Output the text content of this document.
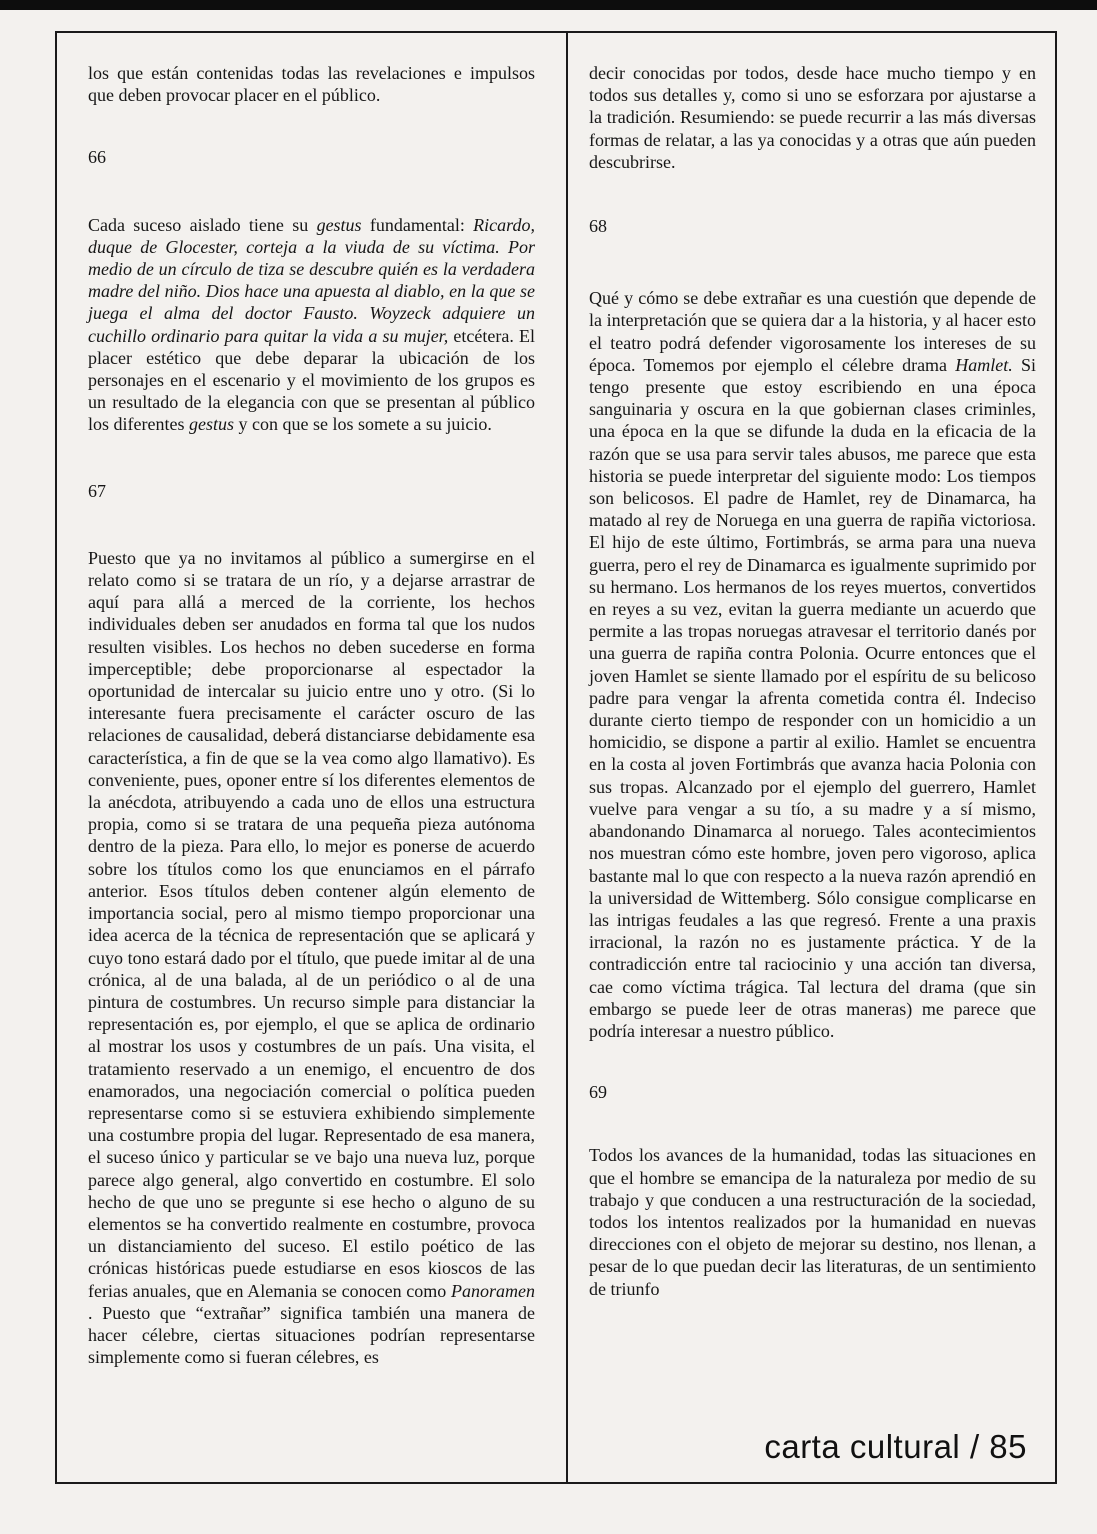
los que están contenidas todas las revelaciones e impulsos que deben provocar placer en el público.

66

Cada suceso aislado tiene su gestus fundamental: Ricardo, duque de Glocester, corteja a la viuda de su víctima. Por medio de un círculo de tiza se descubre quién es la verdadera madre del niño. Dios hace una apuesta al diablo, en la que se juega el alma del doctor Fausto. Woyzeck adquiere un cuchillo ordinario para quitar la vida a su mujer, etcétera. El placer estético que debe deparar la ubicación de los personajes en el escenario y el movimiento de los grupos es un resultado de la elegancia con que se presentan al público los diferentes gestus y con que se los somete a su juicio.

67

Puesto que ya no invitamos al público a sumergirse en el relato como si se tratara de un río, y a dejarse arrastrar de aquí para allá a merced de la corriente, los hechos individuales deben ser anudados en forma tal que los nudos resulten visibles. Los hechos no deben sucederse en forma imperceptible; debe proporcionarse al espectador la oportunidad de intercalar su juicio entre uno y otro. (Si lo interesante fuera precisamente el carácter oscuro de las relaciones de causalidad, deberá distanciarse debidamente esa característica, a fin de que se la vea como algo llamativo). Es conveniente, pues, oponer entre sí los diferentes elementos de la anécdota, atribuyendo a cada uno de ellos una estructura propia, como si se tratara de una pequeña pieza autónoma dentro de la pieza. Para ello, lo mejor es ponerse de acuerdo sobre los títulos como los que enunciamos en el párrafo anterior. Esos títulos deben contener algún elemento de importancia social, pero al mismo tiempo proporcionar una idea acerca de la técnica de representación que se aplicará y cuyo tono estará dado por el título, que puede imitar al de una crónica, al de una balada, al de un periódico o al de una pintura de costumbres. Un recurso simple para distanciar la representación es, por ejemplo, el que se aplica de ordinario al mostrar los usos y costumbres de un país. Una visita, el tratamiento reservado a un enemigo, el encuentro de dos enamorados, una negociación comercial o política pueden representarse como si se estuviera exhibiendo simplemente una costumbre propia del lugar. Representado de esa manera, el suceso único y particular se ve bajo una nueva luz, porque parece algo general, algo convertido en costumbre. El solo hecho de que uno se pregunte si ese hecho o alguno de su elementos se ha convertido realmente en costumbre, provoca un distanciamiento del suceso. El estilo poético de las crónicas históricas puede estudiarse en esos kioscos de las ferias anuales, que en Alemania se conocen como Panoramen . Puesto que “extrañar” significa también una manera de hacer célebre, ciertas situaciones podrían representarse simplemente como si fueran célebres, es

decir conocidas por todos, desde hace mucho tiempo y en todos sus detalles y, como si uno se esforzara por ajustarse a la tradición. Resumiendo: se puede recurrir a las más diversas formas de relatar, a las ya conocidas y a otras que aún pueden descubrirse.

68

Qué y cómo se debe extrañar es una cuestión que depende de la interpretación que se quiera dar a la historia, y al hacer esto el teatro podrá defender vigorosamente los intereses de su época. Tomemos por ejemplo el célebre drama Hamlet. Si tengo presente que estoy escribiendo en una época sanguinaria y oscura en la que gobiernan clases criminles, una época en la que se difunde la duda en la eficacia de la razón que se usa para servir tales abusos, me parece que esta historia se puede interpretar del siguiente modo: Los tiempos son belicosos. El padre de Hamlet, rey de Dinamarca, ha matado al rey de Noruega en una guerra de rapiña victoriosa. El hijo de este último, Fortimbrás, se arma para una nueva guerra, pero el rey de Dinamarca es igualmente suprimido por su hermano. Los hermanos de los reyes muertos, convertidos en reyes a su vez, evitan la guerra mediante un acuerdo que permite a las tropas noruegas atravesar el territorio danés por una guerra de rapiña contra Polonia. Ocurre entonces que el joven Hamlet se siente llamado por el espíritu de su belicoso padre para vengar la afrenta cometida contra él. Indeciso durante cierto tiempo de responder con un homicidio a un homicidio, se dispone a partir al exilio. Hamlet se encuentra en la costa al joven Fortimbrás que avanza hacia Polonia con sus tropas. Alcanzado por el ejemplo del guerrero, Hamlet vuelve para vengar a su tío, a su madre y a sí mismo, abandonando Dinamarca al noruego. Tales acontecimientos nos muestran cómo este hombre, joven pero vigoroso, aplica bastante mal lo que con respecto a la nueva razón aprendió en la universidad de Wittemberg. Sólo consigue complicarse en las intrigas feudales a las que regresó. Frente a una praxis irracional, la razón no es justamente práctica. Y de la contradicción entre tal raciocinio y una acción tan diversa, cae como víctima trágica. Tal lectura del drama (que sin embargo se puede leer de otras maneras) me parece que podría interesar a nuestro público.

69

Todos los avances de la humanidad, todas las situaciones en que el hombre se emancipa de la naturaleza por medio de su trabajo y que conducen a una restructuración de la sociedad, todos los intentos realizados por la humanidad en nuevas direcciones con el objeto de mejorar su destino, nos llenan, a pesar de lo que puedan decir las literaturas, de un sentimiento de triunfo

carta cultural / 85
